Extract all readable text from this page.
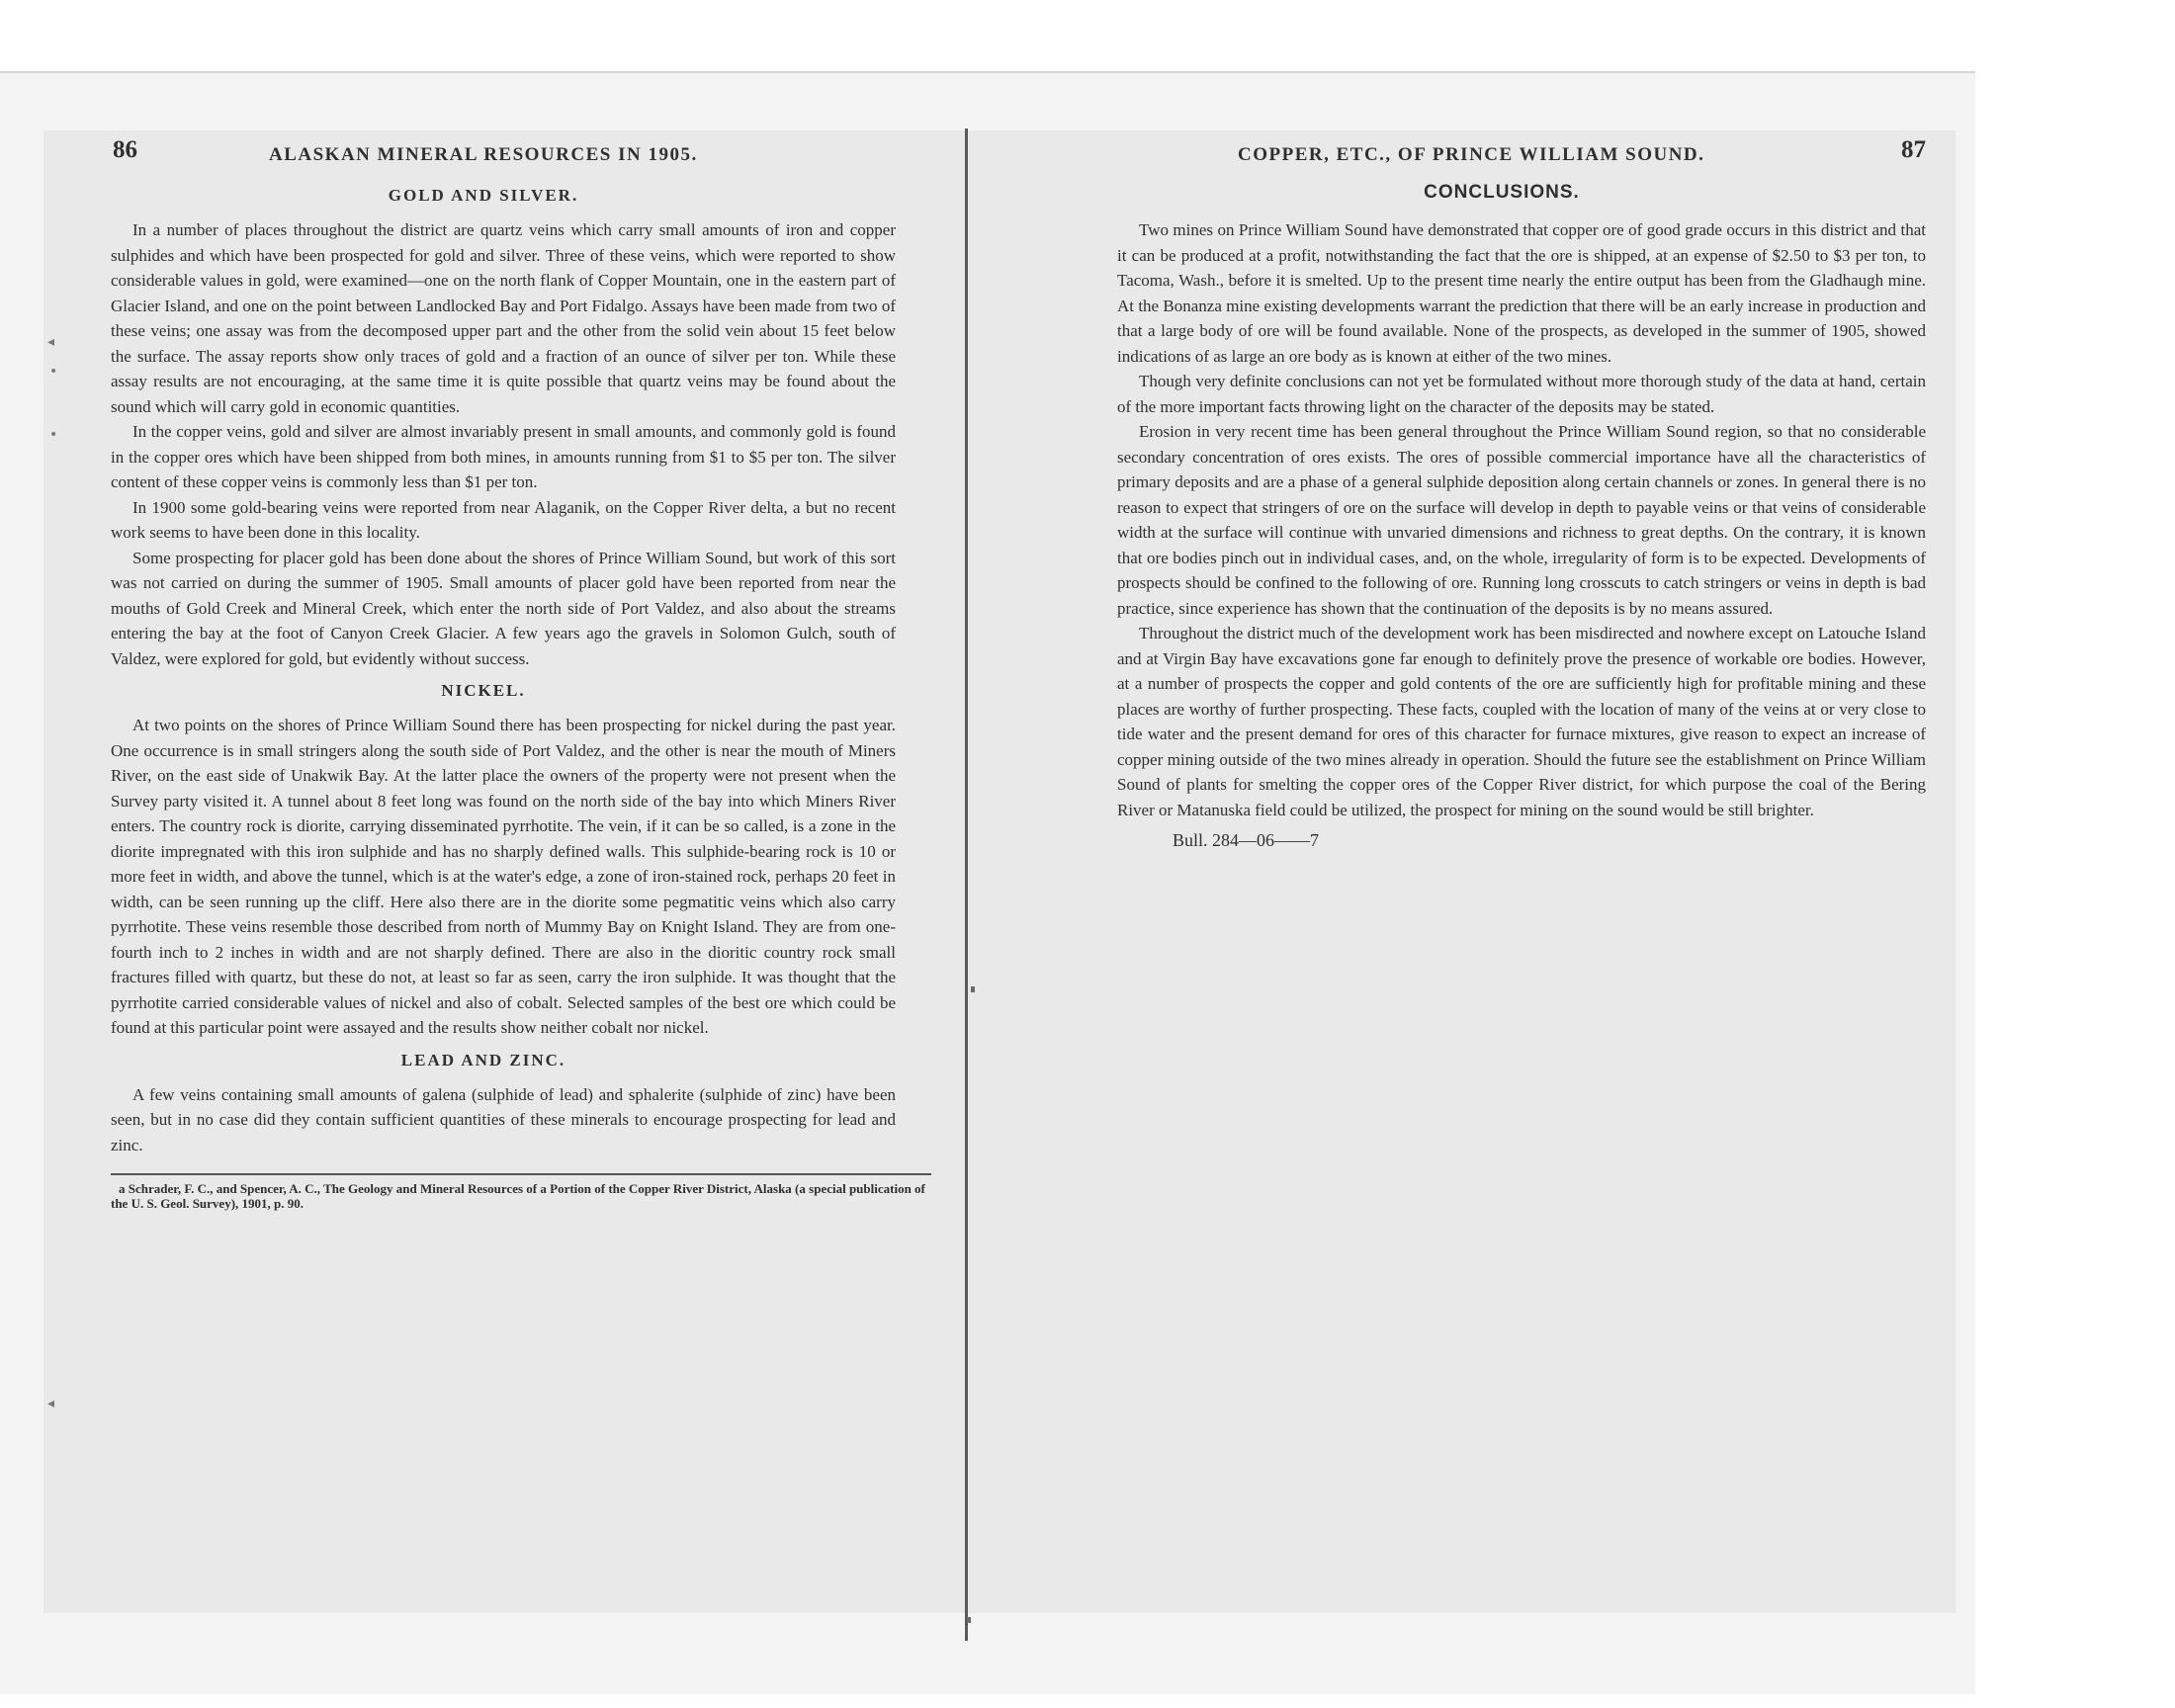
86	ALASKAN MINERAL RESOURCES IN 1905.
GOLD AND SILVER.

In a number of places throughout the district are quartz veins which carry small amounts of iron and copper sulphides and which have been prospected for gold and silver. Three of these veins, which were reported to show considerable values in gold, were examined—one on the north flank of Copper Mountain, one in the eastern part of Glacier Island, and one on the point between Landlocked Bay and Port Fidalgo. Assays have been made from two of these veins; one assay was from the decomposed upper part and the other from the solid vein about 15 feet below the surface. The assay reports show only traces of gold and a fraction of an ounce of silver per ton. While these assay results are not encouraging, at the same time it is quite possible that quartz veins may be found about the sound which will carry gold in economic quantities.

In the copper veins, gold and silver are almost invariably present in small amounts, and commonly gold is found in the copper ores which have been shipped from both mines, in amounts running from $1 to $5 per ton. The silver content of these copper veins is commonly less than $1 per ton.

In 1900 some gold-bearing veins were reported from near Alaganik, on the Copper River delta, a but no recent work seems to have been done in this locality.

Some prospecting for placer gold has been done about the shores of Prince William Sound, but work of this sort was not carried on during the summer of 1905. Small amounts of placer gold have been reported from near the mouths of Gold Creek and Mineral Creek, which enter the north side of Port Valdez, and also about the streams entering the bay at the foot of Canyon Creek Glacier. A few years ago the gravels in Solomon Gulch, south of Valdez, were explored for gold, but evidently without success.

NICKEL.

At two points on the shores of Prince William Sound there has been prospecting for nickel during the past year. One occurrence is in small stringers along the south side of Port Valdez, and the other is near the mouth of Miners River, on the east side of Unakwik Bay. At the latter place the owners of the property were not present when the Survey party visited it. A tunnel about 8 feet long was found on the north side of the bay into which Miners River enters. The country rock is diorite, carrying disseminated pyrrhotite. The vein, if it can be so called, is a zone in the diorite impregnated with this iron sulphide and has no sharply defined walls. This sulphide-bearing rock is 10 or more feet in width, and above the tunnel, which is at the water's edge, a zone of iron-stained rock, perhaps 20 feet in width, can be seen running up the cliff. Here also there are in the diorite some pegmatitic veins which also carry pyrrhotite. These veins resemble those described from north of Mummy Bay on Knight Island. They are from one-fourth inch to 2 inches in width and are not sharply defined. There are also in the dioritic country rock small fractures filled with quartz, but these do not, at least so far as seen, carry the iron sulphide. It was thought that the pyrrhotite carried considerable values of nickel and also of cobalt. Selected samples of the best ore which could be found at this particular point were assayed and the results show neither cobalt nor nickel.

LEAD AND ZINC.

A few veins containing small amounts of galena (sulphide of lead) and sphalerite (sulphide of zinc) have been seen, but in no case did they contain sufficient quantities of these minerals to encourage prospecting for lead and zinc.

a Schrader, F. C., and Spencer, A. C., The Geology and Mineral Resources of a Portion of the Copper River District, Alaska (a special publication of the U. S. Geol. Survey), 1901, p. 90.
◂
•
•
◂
COPPER, ETC., OF PRINCE WILLIAM SOUND.	87
CONCLUSIONS.

Two mines on Prince William Sound have demonstrated that copper ore of good grade occurs in this district and that it can be produced at a profit, notwithstanding the fact that the ore is shipped, at an expense of $2.50 to $3 per ton, to Tacoma, Wash., before it is smelted. Up to the present time nearly the entire output has been from the Gladhaugh mine. At the Bonanza mine existing developments warrant the prediction that there will be an early increase in production and that a large body of ore will be found available. None of the prospects, as developed in the summer of 1905, showed indications of as large an ore body as is known at either of the two mines.

Though very definite conclusions can not yet be formulated without more thorough study of the data at hand, certain of the more important facts throwing light on the character of the deposits may be stated.

Erosion in very recent time has been general throughout the Prince William Sound region, so that no considerable secondary concentration of ores exists. The ores of possible commercial importance have all the characteristics of primary deposits and are a phase of a general sulphide deposition along certain channels or zones. In general there is no reason to expect that stringers of ore on the surface will develop in depth to payable veins or that veins of considerable width at the surface will continue with unvaried dimensions and richness to great depths. On the contrary, it is known that ore bodies pinch out in individual cases, and, on the whole, irregularity of form is to be expected. Developments of prospects should be confined to the following of ore. Running long crosscuts to catch stringers or veins in depth is bad practice, since experience has shown that the continuation of the deposits is by no means assured.

Throughout the district much of the development work has been misdirected and nowhere except on Latouche Island and at Virgin Bay have excavations gone far enough to definitely prove the presence of workable ore bodies. However, at a number of prospects the copper and gold contents of the ore are sufficiently high for profitable mining and these places are worthy of further prospecting. These facts, coupled with the location of many of the veins at or very close to tide water and the present demand for ores of this character for furnace mixtures, give reason to expect an increase of copper mining outside of the two mines already in operation. Should the future see the establishment on Prince William Sound of plants for smelting the copper ores of the Copper River district, for which purpose the coal of the Bering River or Matanuska field could be utilized, the prospect for mining on the sound would be still brighter.

Bull. 284—06——7
